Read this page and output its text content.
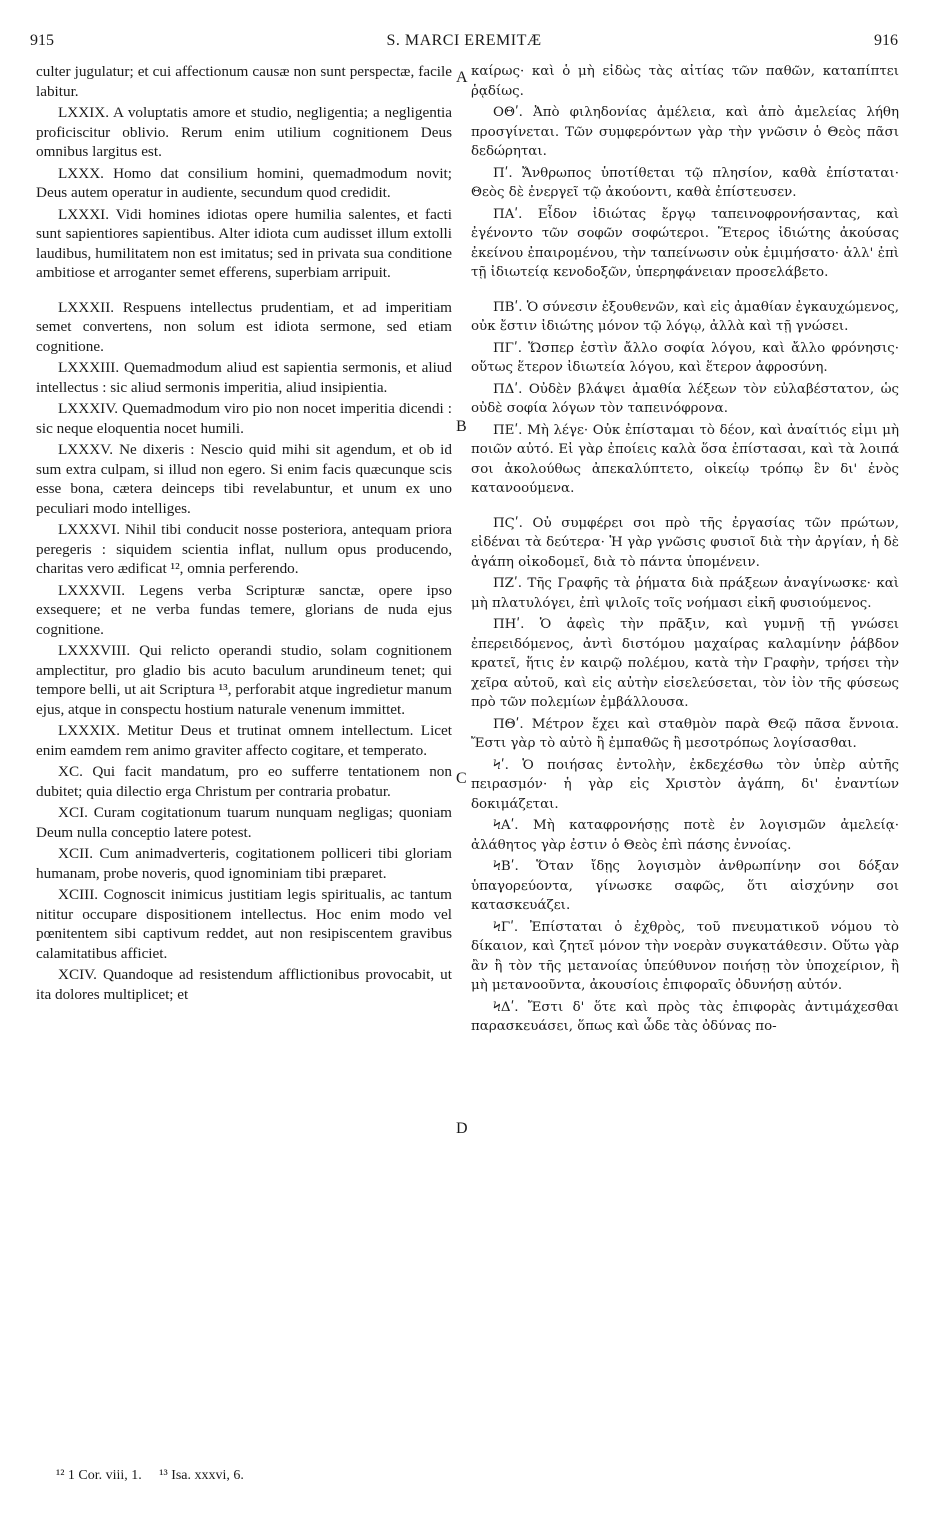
915	S. MARCI EREMITÆ	916

culter jugulatur; et cui affectionum causæ non sunt perspectæ, facile labitur.

LXXIX. A voluptatis amore et studio, negligentia; a negligentia proficiscitur oblivio. Rerum enim utilium cognitionem Deus omnibus largitus est.

LXXX. Homo dat consilium homini, quemadmodum novit; Deus autem operatur in audiente, secundum quod credidit.

LXXXI. Vidi homines idiotas opere humilia salentes, et facti sunt sapientiores sapientibus. Alter idiota cum audisset illum extolli laudibus, humilitatem non est imitatus; sed in privata sua conditione ambitiose et arroganter semet efferens, superbiam arripuit.

LXXXII. Respuens intellectus prudentiam, et ad imperitiam semet convertens, non solum est idiota sermone, sed etiam cognitione.

LXXXIII. Quemadmodum aliud est sapientia sermonis, et aliud intellectus : sic aliud sermonis imperitia, aliud insipientia.

LXXXIV. Quemadmodum viro pio non nocet imperitia dicendi : sic neque eloquentia nocet humili.

LXXXV. Ne dixeris : Nescio quid mihi sit agendum, et ob id sum extra culpam, si illud non egero. Si enim facis quæcunque scis esse bona, cætera deinceps tibi revelabuntur, et unum ex uno peculiari modo intelliges.

LXXXVI. Nihil tibi conducit nosse posteriora, antequam priora peregeris : siquidem scientia inflat, nullum opus producendo, charitas vero ædificat ¹², omnia perferendo.

LXXXVII. Legens verba Scripturæ sanctæ, opere ipso exsequere; et ne verba fundas temere, glorians de nuda ejus cognitione.

LXXXVIII. Qui relicto operandi studio, solam cognitionem amplectitur, pro gladio bis acuto baculum arundineum tenet; qui tempore belli, ut ait Scriptura ¹³, perforabit atque ingredietur manum ejus, atque in conspectu hostium naturale venenum immittet.

LXXXIX. Metitur Deus et trutinat omnem intellectum. Licet enim eamdem rem animo graviter affecto cogitare, et temperato.

XC. Qui facit mandatum, pro eo sufferre tentationem non dubitet; quia dilectio erga Christum per contraria probatur.

XCI. Curam cogitationum tuarum nunquam negligas; quoniam Deum nulla conceptio latere potest.

XCII. Cum animadverteris, cogitationem polliceri tibi gloriam humanam, probe noveris, quod ignominiam tibi præparet.

XCIII. Cognoscit inimicus justitiam legis spiritualis, ac tantum nititur occupare dispositionem intellectus. Hoc enim modo vel pœnitentem sibi captivum reddet, aut non resipiscentem gravibus calamitatibus afficiet.

XCIV. Quandoque ad resistendum afflictionibus provocabit, ut ita dolores multiplicet; et

καίρως· καὶ ὁ μὴ εἰδὼς τὰς αἰτίας τῶν παθῶν, καταπίπτει ῥᾳδίως.

ΟΘʹ. Ἀπὸ φιληδονίας ἀμέλεια, καὶ ἀπὸ ἀμελείας λήθη προσγίνεται. Τῶν συμφερόντων γὰρ τὴν γνῶσιν ὁ Θεὸς πᾶσι δεδώρηται.

Πʹ. Ἄνθρωπος ὑποτίθεται τῷ πλησίον, καθὰ ἐπίσταται· Θεὸς δὲ ἐνεργεῖ τῷ ἀκούοντι, καθὰ ἐπίστευσεν.

ΠΑʹ. Εἶδον ἰδιώτας ἔργῳ ταπεινοφρονήσαντας, καὶ ἐγένοντο τῶν σοφῶν σοφώτεροι. Ἕτερος ἰδιώτης ἀκούσας ἐκείνου ἐπαιρομένου, τὴν ταπείνωσιν οὐκ ἐμιμήσατο· ἀλλ' ἐπὶ τῇ ἰδιωτείᾳ κενοδοξῶν, ὑπερηφάνειαν προσελάβετο.

ΠΒʹ. Ὁ σύνεσιν ἐξουθενῶν, καὶ εἰς ἀμαθίαν ἐγκαυχώμενος, οὐκ ἔστιν ἰδιώτης μόνον τῷ λόγῳ, ἀλλὰ καὶ τῇ γνώσει.

ΠΓʹ. Ὥσπερ ἐστὶν ἄλλο σοφία λόγου, καὶ ἄλλο φρόνησις· οὕτως ἕτερον ἰδιωτεία λόγου, καὶ ἕτερον ἀφροσύνη.

ΠΔʹ. Οὐδὲν βλάψει ἀμαθία λέξεων τὸν εὐλαβέστατον, ὡς οὐδὲ σοφία λόγων τὸν ταπεινόφρονα.

ΠΕʹ. Μὴ λέγε· Οὐκ ἐπίσταμαι τὸ δέον, καὶ ἀναίτιός εἰμι μὴ ποιῶν αὐτό. Εἰ γὰρ ἐποίεις καλὰ ὅσα ἐπίστασαι, καὶ τὰ λοιπά σοι ἀκολούθως ἀπεκαλύπτετο, οἰκείῳ τρόπῳ ἓν δι' ἑνὸς κατανοούμενα.

ΠϚʹ. Οὐ συμφέρει σοι πρὸ τῆς ἐργασίας τῶν πρώτων, εἰδέναι τὰ δεύτερα· Ἡ γὰρ γνῶσις φυσιοῖ διὰ τὴν ἀργίαν, ἡ δὲ ἀγάπη οἰκοδομεῖ, διὰ τὸ πάντα ὑπομένειν.

ΠΖʹ. Τῆς Γραφῆς τὰ ῥήματα διὰ πράξεων ἀναγίνωσκε· καὶ μὴ πλατυλόγει, ἐπὶ ψιλοῖς τοῖς νοήμασι εἰκῆ φυσιούμενος.

ΠΗʹ. Ὁ ἀφεὶς τὴν πρᾶξιν, καὶ γυμνῇ τῇ γνώσει ἐπερειδόμενος, ἀντὶ διστόμου μαχαίρας καλαμίνην ῥάβδον κρατεῖ, ἥτις ἐν καιρῷ πολέμου, κατὰ τὴν Γραφὴν, τρήσει τὴν χεῖρα αὐτοῦ, καὶ εἰς αὐτὴν εἰσελεύσεται, τὸν ἰὸν τῆς φύσεως πρὸ τῶν πολεμίων ἐμβάλλουσα.

ΠΘʹ. Μέτρον ἔχει καὶ σταθμὸν παρὰ Θεῷ πᾶσα ἔννοια. Ἔστι γὰρ τὸ αὐτὸ ἢ ἐμπαθῶς ἢ μεσοτρόπως λογίσασθαι.

Ϟʹ. Ὁ ποιήσας ἐντολὴν, ἐκδεχέσθω τὸν ὑπὲρ αὐτῆς πειρασμόν· ἡ γὰρ εἰς Χριστὸν ἀγάπη, δι' ἐναντίων δοκιμάζεται.

ϞΑʹ. Μὴ καταφρονήσῃς ποτὲ ἐν λογισμῶν ἀμελείᾳ· ἀλάθητος γὰρ ἐστιν ὁ Θεὸς ἐπὶ πάσης ἐννοίας.

ϞΒʹ. Ὅταν ἴδῃς λογισμὸν ἀνθρωπίνην σοι δόξαν ὑπαγορεύοντα, γίνωσκε σαφῶς, ὅτι αἰσχύνην σοι κατασκευάζει.

ϞΓʹ. Ἐπίσταται ὁ ἐχθρὸς, τοῦ πνευματικοῦ νόμου τὸ δίκαιον, καὶ ζητεῖ μόνον τὴν νοερὰν συγκατάθεσιν. Οὕτω γὰρ ἂν ἢ τὸν τῆς μετανοίας ὑπεύθυνον ποιήσῃ τὸν ὑποχείριον, ἢ μὴ μετανοοῦντα, ἀκουσίοις ἐπιφοραῖς ὀδυνήσῃ αὐτόν.

ϞΔʹ. Ἔστι δ' ὅτε καὶ πρὸς τὰς ἐπιφορὰς ἀντιμάχεσθαι παρασκευάσει, ὅπως καὶ ὧδε τὰς ὀδύνας πο-

A
B
C
D
¹² 1 Cor. viii, 1. ¹³ Isa. xxxvi, 6.
